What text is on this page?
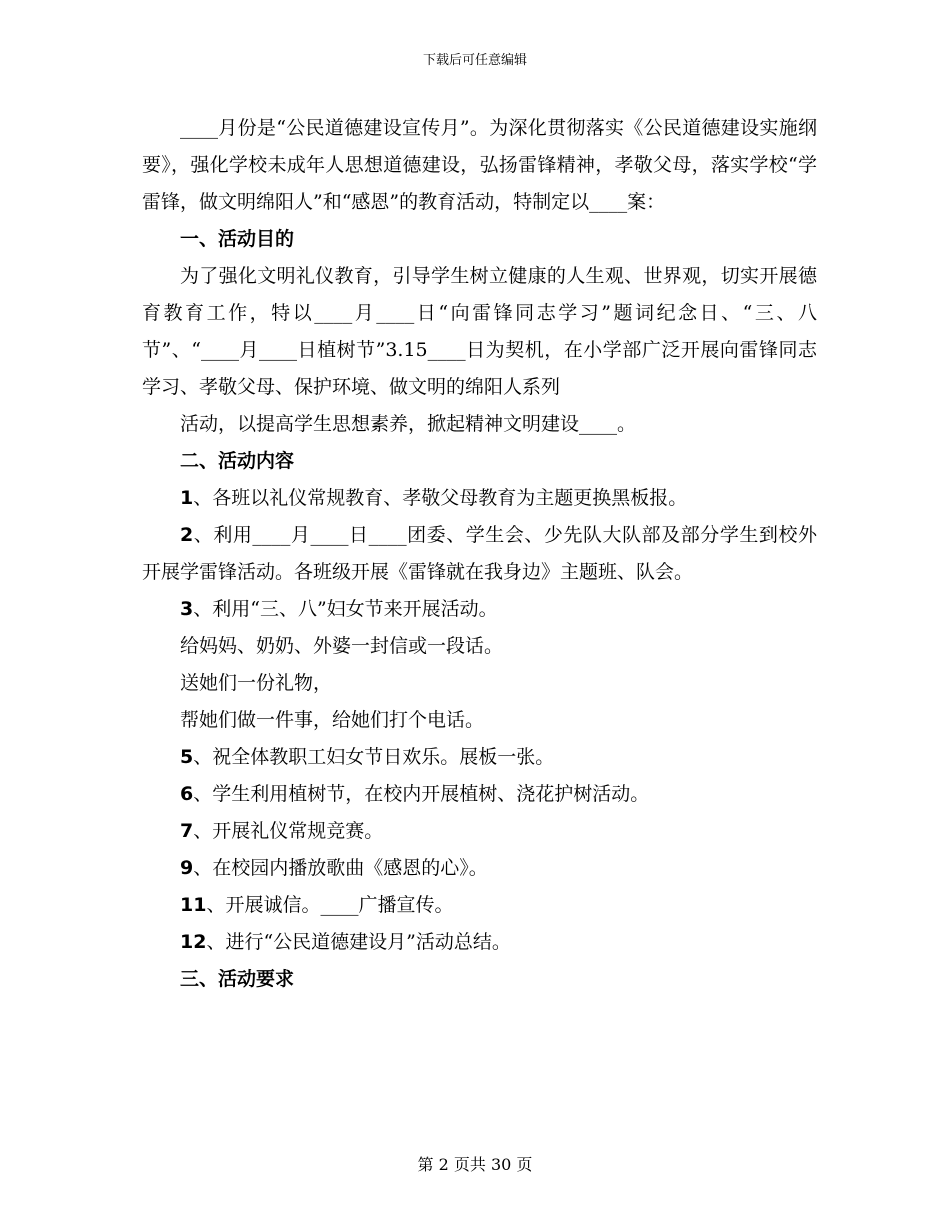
下载后可任意编辑

____月份是“公民道德建设宣传月”。为深化贯彻落实《公民道德建设实施纲要》，强化学校未成年人思想道德建设，弘扬雷锋精神，孝敬父母，落实学校“学雷锋，做文明绵阳人”和“感恩”的教育活动，特制定以____案：

一、活动目的

为了强化文明礼仪教育，引导学生树立健康的人生观、世界观，切实开展德育教育工作，特以____月____日“向雷锋同志学习”题词纪念日、“三、八节”、“____月____日植树节”3.15____日为契机，在小学部广泛开展向雷锋同志学习、孝敬父母、保护环境、做文明的绵阳人系列

活动，以提高学生思想素养，掀起精神文明建设____。

二、活动内容

1、各班以礼仪常规教育、孝敬父母教育为主题更换黑板报。

2、利用____月____日____团委、学生会、少先队大队部及部分学生到校外开展学雷锋活动。各班级开展《雷锋就在我身边》主题班、队会。

3、利用“三、八”妇女节来开展活动。

给妈妈、奶奶、外婆一封信或一段话。

送她们一份礼物，

帮她们做一件事，给她们打个电话。

5、祝全体教职工妇女节日欢乐。展板一张。

6、学生利用植树节，在校内开展植树、浇花护树活动。

7、开展礼仪常规竞赛。

9、在校园内播放歌曲《感恩的心》。

11、开展诚信。____广播宣传。

12、进行“公民道德建设月”活动总结。

三、活动要求

第 2 页共 30 页
